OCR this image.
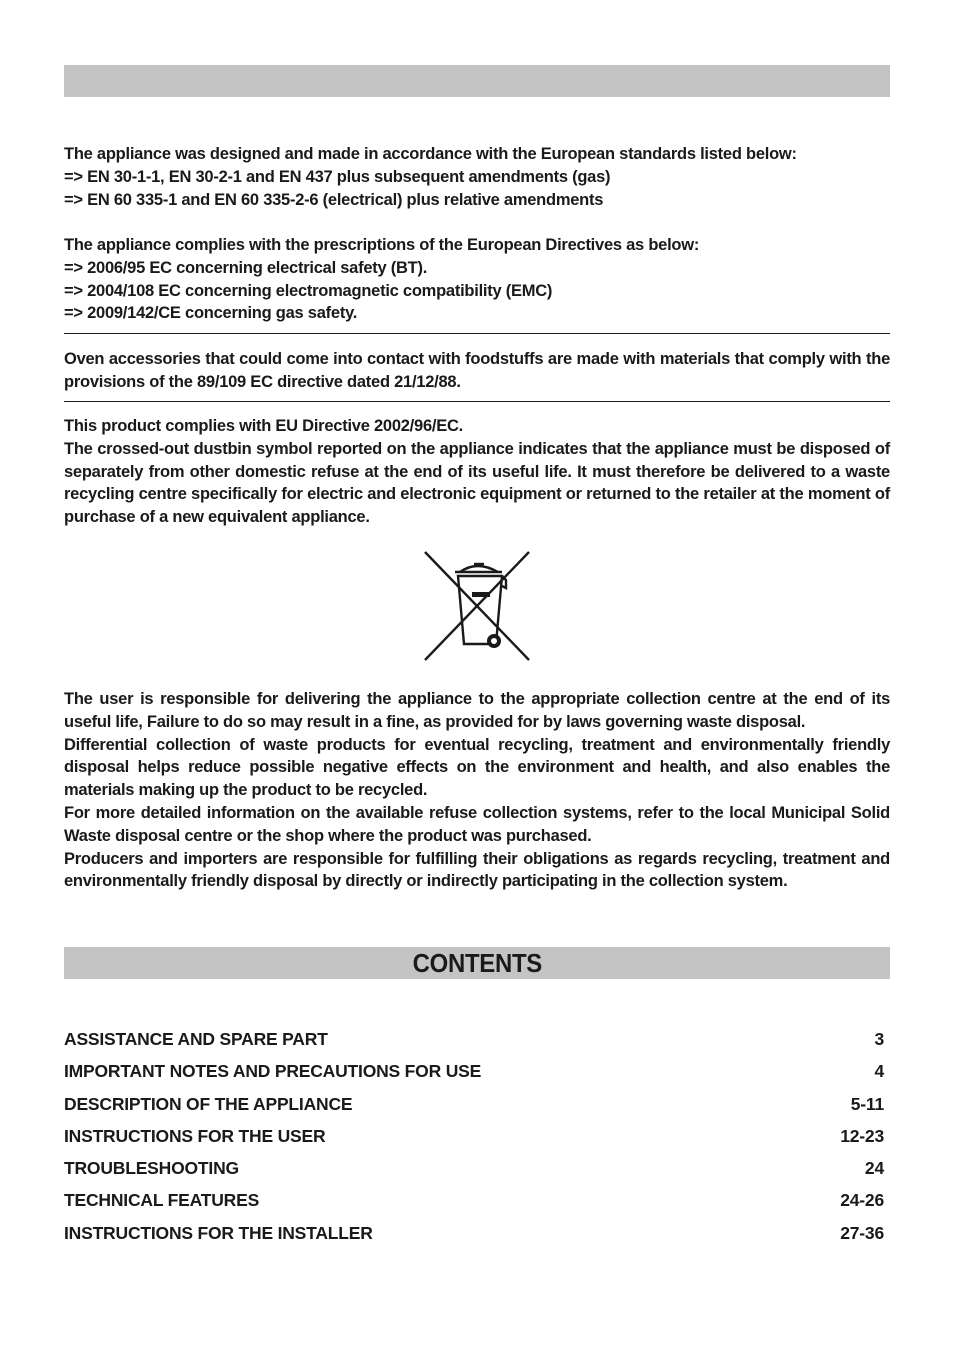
The appliance was designed and made in accordance with the European standards listed below:

=> EN 30-1-1, EN 30-2-1 and EN 437 plus subsequent amendments (gas)

=> EN 60 335-1 and EN 60 335-2-6 (electrical) plus relative amendments

The appliance complies with the prescriptions of the European Directives as below:

=> 2006/95 EC concerning electrical safety (BT).

=> 2004/108 EC concerning electromagnetic compatibility (EMC)

=> 2009/142/CE concerning gas safety.

Oven accessories that could come into contact with foodstuffs are made with materials that comply with the provisions of the 89/109 EC directive dated 21/12/88.

This product complies with EU Directive 2002/96/EC.

The crossed-out dustbin symbol reported on the appliance indicates that the appliance must be disposed of separately from other domestic refuse at the end of its useful life. It must therefore be delivered to a waste recycling centre specifically for electric and electronic equipment or returned to the retailer at the moment of purchase of a new equivalent appliance.

The user is responsible for delivering the appliance to the appropriate collection centre at the end of its useful life, Failure to do so may result in a fine, as provided for by laws governing waste disposal.

Differential collection of waste products for eventual recycling, treatment and environmentally friendly disposal helps reduce possible negative effects on the environment and health, and also enables the materials making up the product to be recycled.

For more detailed information on the available refuse collection systems, refer to the local Municipal Solid Waste disposal centre or the shop where the product was purchased.

Producers and importers are responsible for fulfilling their obligations as regards recycling, treatment and environmentally friendly disposal by directly or indirectly participating in the collection system.

CONTENTS
ASSISTANCE AND SPARE PART	3
IMPORTANT NOTES AND PRECAUTIONS FOR USE	4
DESCRIPTION OF THE APPLIANCE	5-11
INSTRUCTIONS FOR THE USER	12-23
TROUBLESHOOTING	24
TECHNICAL FEATURES	24-26
INSTRUCTIONS FOR THE INSTALLER	27-36
